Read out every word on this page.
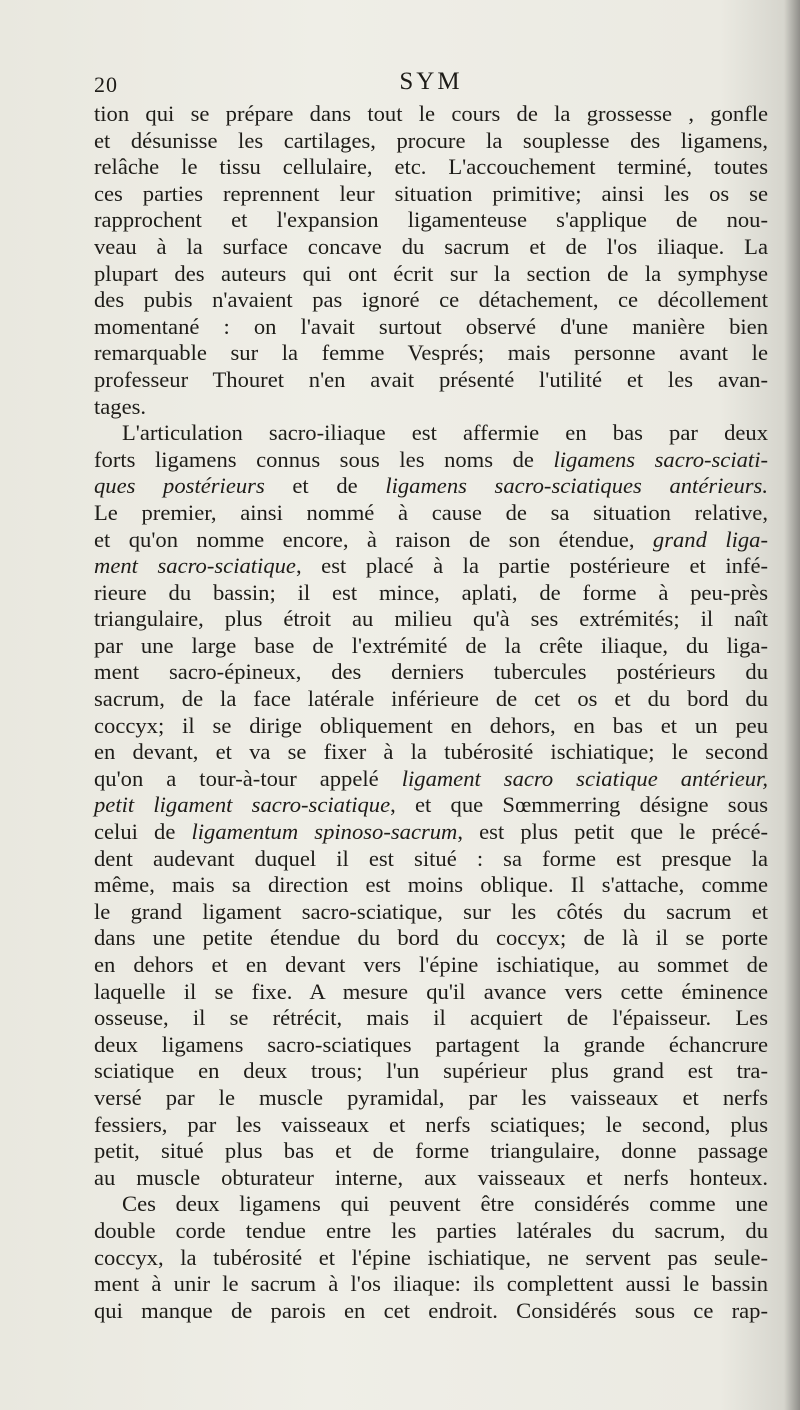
20	SYM
tion qui se prépare dans tout le cours de la grossesse , gonfle
et désunisse les cartilages, procure la souplesse des ligamens,
relâche le tissu cellulaire, etc. L'accouchement terminé, toutes
ces parties reprennent leur situation primitive; ainsi les os se
rapprochent et l'expansion ligamenteuse s'applique de nou-
veau à la surface concave du sacrum et de l'os iliaque. La
plupart des auteurs qui ont écrit sur la section de la symphyse
des pubis n'avaient pas ignoré ce détachement, ce décollement
momentané : on l'avait surtout observé d'une manière bien
remarquable sur la femme Vesprés; mais personne avant le
professeur Thouret n'en avait présenté l'utilité et les avan-
tages.
L'articulation sacro-iliaque est affermie en bas par deux
forts ligamens connus sous les noms de ligamens sacro-sciati-
ques postérieurs et de ligamens sacro-sciatiques antérieurs.
Le premier, ainsi nommé à cause de sa situation relative,
et qu'on nomme encore, à raison de son étendue, grand liga-
ment sacro-sciatique, est placé à la partie postérieure et infé-
rieure du bassin; il est mince, aplati, de forme à peu-près
triangulaire, plus étroit au milieu qu'à ses extrémités; il naît
par une large base de l'extrémité de la crête iliaque, du liga-
ment sacro-épineux, des derniers tubercules postérieurs du
sacrum, de la face latérale inférieure de cet os et du bord du
coccyx; il se dirige obliquement en dehors, en bas et un peu
en devant, et va se fixer à la tubérosité ischiatique; le second
qu'on a tour-à-tour appelé ligament sacro sciatique antérieur,
petit ligament sacro-sciatique, et que Sœmmerring désigne sous
celui de ligamentum spinoso-sacrum, est plus petit que le précé-
dent audevant duquel il est situé : sa forme est presque la
même, mais sa direction est moins oblique. Il s'attache, comme
le grand ligament sacro-sciatique, sur les côtés du sacrum et
dans une petite étendue du bord du coccyx; de là il se porte
en dehors et en devant vers l'épine ischiatique, au sommet de
laquelle il se fixe. A mesure qu'il avance vers cette éminence
osseuse, il se rétrécit, mais il acquiert de l'épaisseur. Les
deux ligamens sacro-sciatiques partagent la grande échancrure
sciatique en deux trous; l'un supérieur plus grand est tra-
versé par le muscle pyramidal, par les vaisseaux et nerfs
fessiers, par les vaisseaux et nerfs sciatiques; le second, plus
petit, situé plus bas et de forme triangulaire, donne passage
au muscle obturateur interne, aux vaisseaux et nerfs honteux.
Ces deux ligamens qui peuvent être considérés comme une
double corde tendue entre les parties latérales du sacrum, du
coccyx, la tubérosité et l'épine ischiatique, ne servent pas seule-
ment à unir le sacrum à l'os iliaque: ils complettent aussi le bassin
qui manque de parois en cet endroit. Considérés sous ce rap-
